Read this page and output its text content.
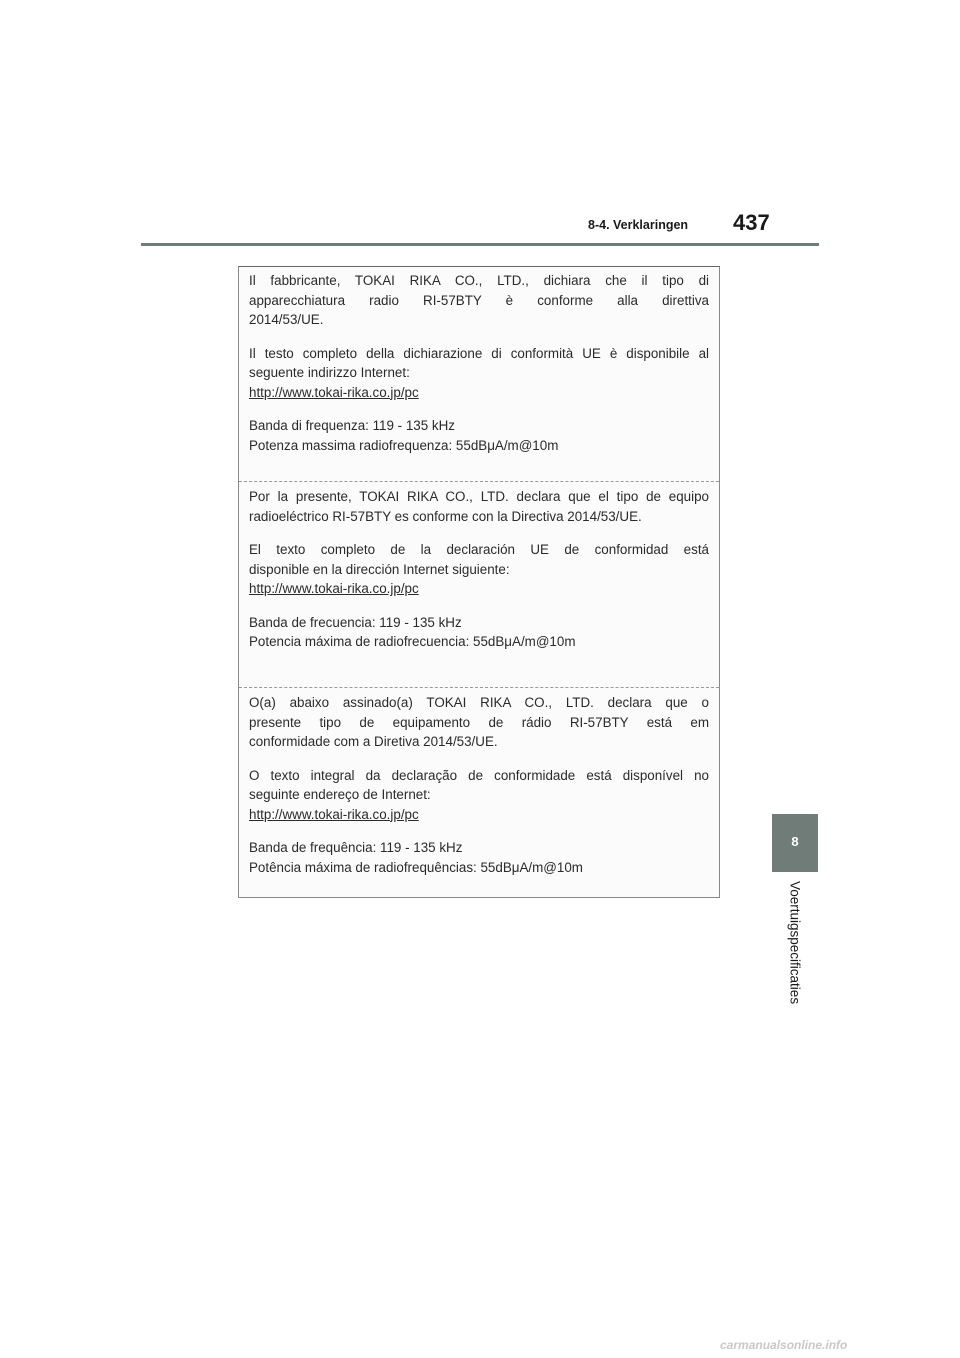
8-4. Verklaringen 437
8
Voertuigspecificaties

Il fabbricante, TOKAI RIKA CO., LTD., dichiara che il tipo di
apparecchiatura radio RI-57BTY è conforme alla direttiva
2014/53/UE.

Il testo completo della dichiarazione di conformità UE è disponibile al
seguente indirizzo Internet:
http://www.tokai-rika.co.jp/pc

Banda di frequenza: 119 - 135 kHz
Potenza massima radiofrequenza: 55dBμA/m@10m

Por la presente, TOKAI RIKA CO., LTD. declara que el tipo de equipo
radioeléctrico RI-57BTY es conforme con la Directiva 2014/53/UE.

El texto completo de la declaración UE de conformidad está
disponible en la dirección Internet siguiente:
http://www.tokai-rika.co.jp/pc

Banda de frecuencia: 119 - 135 kHz
Potencia máxima de radiofrecuencia: 55dBμA/m@10m

O(a) abaixo assinado(a) TOKAI RIKA CO., LTD. declara que o
presente tipo de equipamento de rádio RI-57BTY está em
conformidade com a Diretiva 2014/53/UE.

O texto integral da declaração de conformidade está disponível no
seguinte endereço de Internet:
http://www.tokai-rika.co.jp/pc

Banda de frequência: 119 - 135 kHz
Potência máxima de radiofrequências: 55dBμA/m@10m

carmanualsonline.info
